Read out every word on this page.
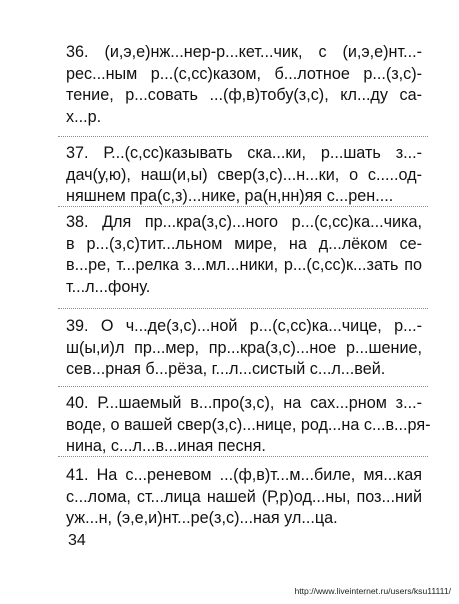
36. (и,э,е)нж...нер-р...кет...чик, с (и,э,е)нт...-
рес...ным р...(с,сс)казом, б...лотное р...(з,с)-
тение, р...совать ...(ф,в)тобу(з,с), кл...ду са-
х...р.
37. Р...(с,сс)казывать ска...ки, р...шать з...-
дач(у,ю), наш(и,ы) свер(з,с)...н...ки, о с.....од-
няшнем пра(с,з)...нике, ра(н,нн)яя с...рен....
38. Для пр...кра(з,с)...ного р...(с,сс)ка...чика,
в р...(з,с)тит...льном мире, на д...лёком се-
в...ре, т...релка з...мл...ники, р...(с,сс)к...зать по
т...л...фону.
39. О ч...де(з,с)...ной р...(с,сс)ка...чице, р...-
ш(ы,и)л пр...мер, пр...кра(з,с)...ное р...шение,
сев...рная б...рёза, г...л...систый с...л...вей.
40. Р...шаемый в...про(з,с), на сах...рном з...-
воде, о вашей свер(з,с)...нице, род...на с...в...ря-
нина, с...л...в...иная песня.
41. На с...реневом ...(ф,в)т...м...биле, мя...кая
с...лома, ст...лица нашей (Р,р)од...ны, поз...ний
уж...н, (э,е,и)нт...ре(з,с)...ная ул...ца.
34
http://www.liveinternet.ru/users/ksu11111/
